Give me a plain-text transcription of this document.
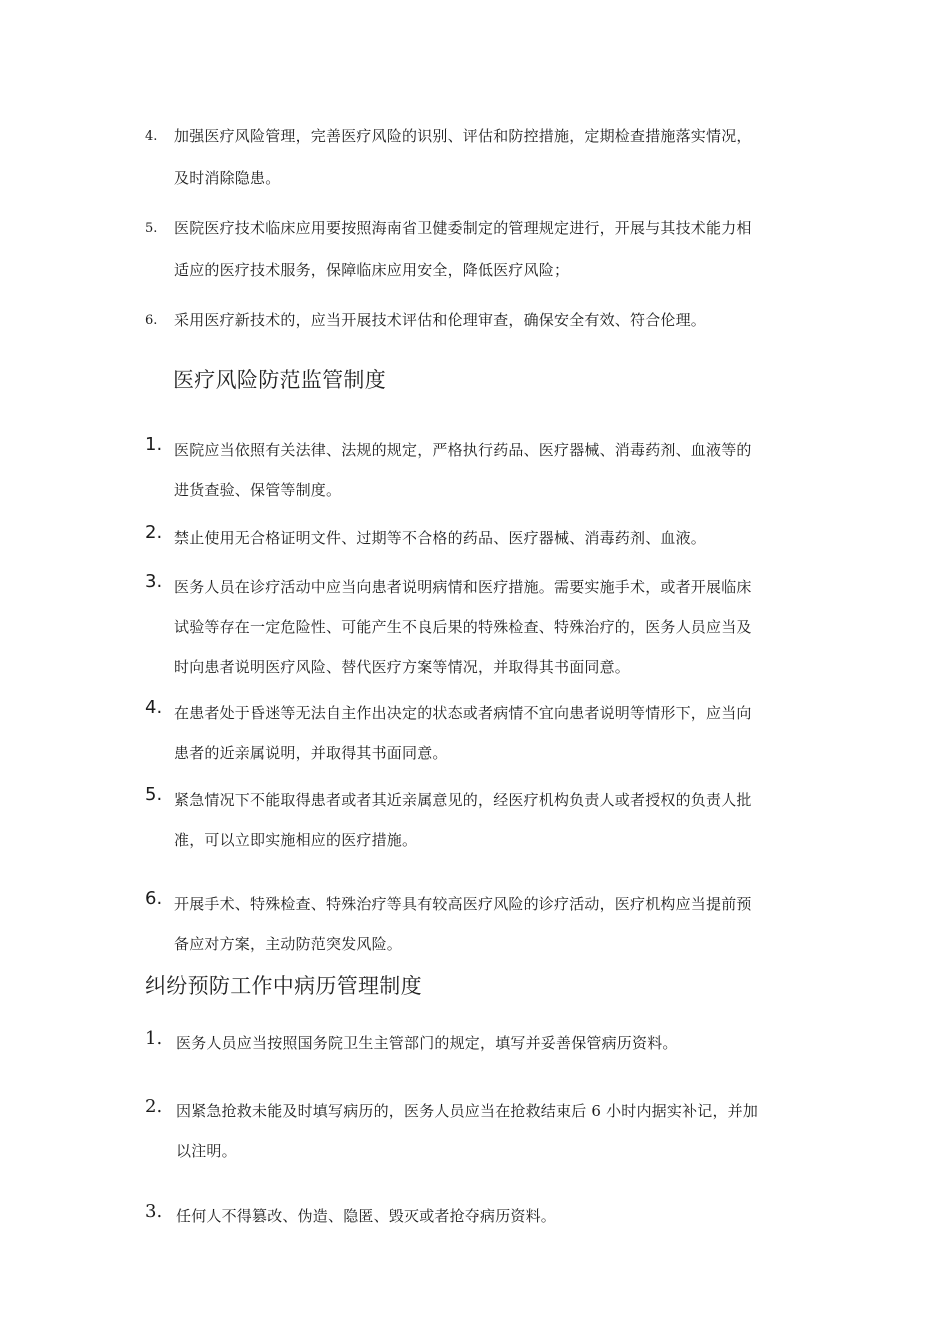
4. 加强医疗风险管理，完善医疗风险的识别、评估和防控措施，定期检查措施落实情况，
及时消除隐患。
5. 医院医疗技术临床应用要按照海南省卫健委制定的管理规定进行，开展与其技术能力相
适应的医疗技术服务，保障临床应用安全，降低医疗风险；
6. 采用医疗新技术的，应当开展技术评估和伦理审查，确保安全有效、符合伦理。
医疗风险防范监管制度
1. 医院应当依照有关法律、法规的规定，严格执行药品、医疗器械、消毒药剂、血液等的
进货查验、保管等制度。
2. 禁止使用无合格证明文件、过期等不合格的药品、医疗器械、消毒药剂、血液。
3. 医务人员在诊疗活动中应当向患者说明病情和医疗措施。需要实施手术，或者开展临床
试验等存在一定危险性、可能产生不良后果的特殊检查、特殊治疗的，医务人员应当及
时向患者说明医疗风险、替代医疗方案等情况，并取得其书面同意。
4. 在患者处于昏迷等无法自主作出决定的状态或者病情不宜向患者说明等情形下，应当向
患者的近亲属说明，并取得其书面同意。
5. 紧急情况下不能取得患者或者其近亲属意见的，经医疗机构负责人或者授权的负责人批
准，可以立即实施相应的医疗措施。
6. 开展手术、特殊检查、特殊治疗等具有较高医疗风险的诊疗活动，医疗机构应当提前预
备应对方案，主动防范突发风险。
纠纷预防工作中病历管理制度
1. 医务人员应当按照国务院卫生主管部门的规定，填写并妥善保管病历资料。
2. 因紧急抢救未能及时填写病历的，医务人员应当在抢救结束后 6 小时内据实补记，并加
以注明。
3. 任何人不得篡改、伪造、隐匿、毁灭或者抢夺病历资料。
